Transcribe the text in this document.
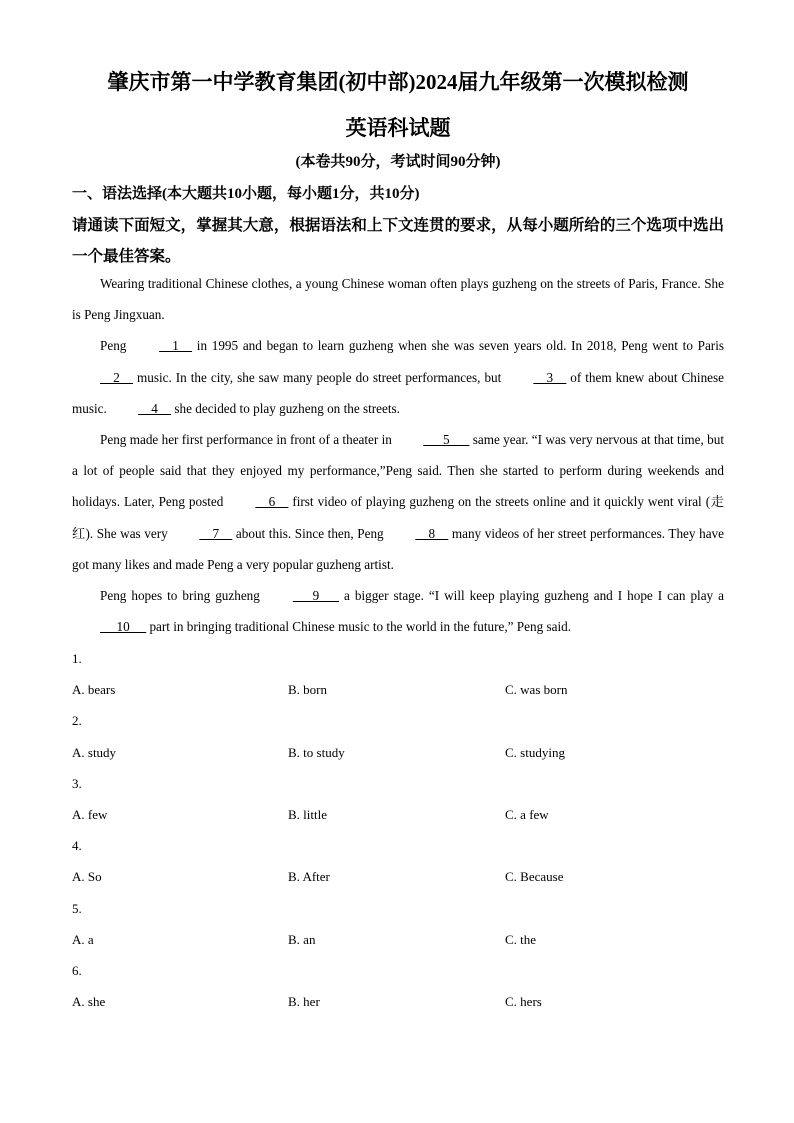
肇庆市第一中学教育集团(初中部)2024届九年级第一次模拟检测
英语科试题
(本卷共90分，考试时间90分钟)
一、语法选择(本大题共10小题，每小题1分，共10分)
请通读下面短文，掌握其大意，根据语法和上下文连贯的要求，从每小题所给的三个选项中选出一个最佳答案。

Wearing traditional Chinese clothes, a young Chinese woman often plays guzheng on the streets of Paris, France. She is Peng Jingxuan.

Peng     1     in 1995 and began to learn guzheng when she was seven years old. In 2018, Peng went to Paris     2     music. In the city, she saw many people do street performances, but     3     of them knew about Chinese music.     4     she decided to play guzheng on the streets.

Peng made her first performance in front of a theater in       5       same year. “I was very nervous at that time, but a lot of people said that they enjoyed my performance,”Peng said. Then she started to perform during weekends and holidays. Later, Peng posted     6     first video of playing guzheng on the streets online and it quickly went viral (走红). She was very     7     about this. Since then, Peng     8     many videos of her street performances. They have got many likes and made Peng a very popular guzheng artist.

Peng hopes to bring guzheng       9       a bigger stage. “I will keep playing guzheng and I hope I can play a      10      part in bringing traditional Chinese music to the world in the future,” Peng said.

1.
A. bears	B. born	C. was born
2.
A. study	B. to study	C. studying
3.
A. few	B. little	C. a few
4.
A. So	B. After	C. Because
5.
A. a	B. an	C. the
6.
A. she	B. her	C. hers
